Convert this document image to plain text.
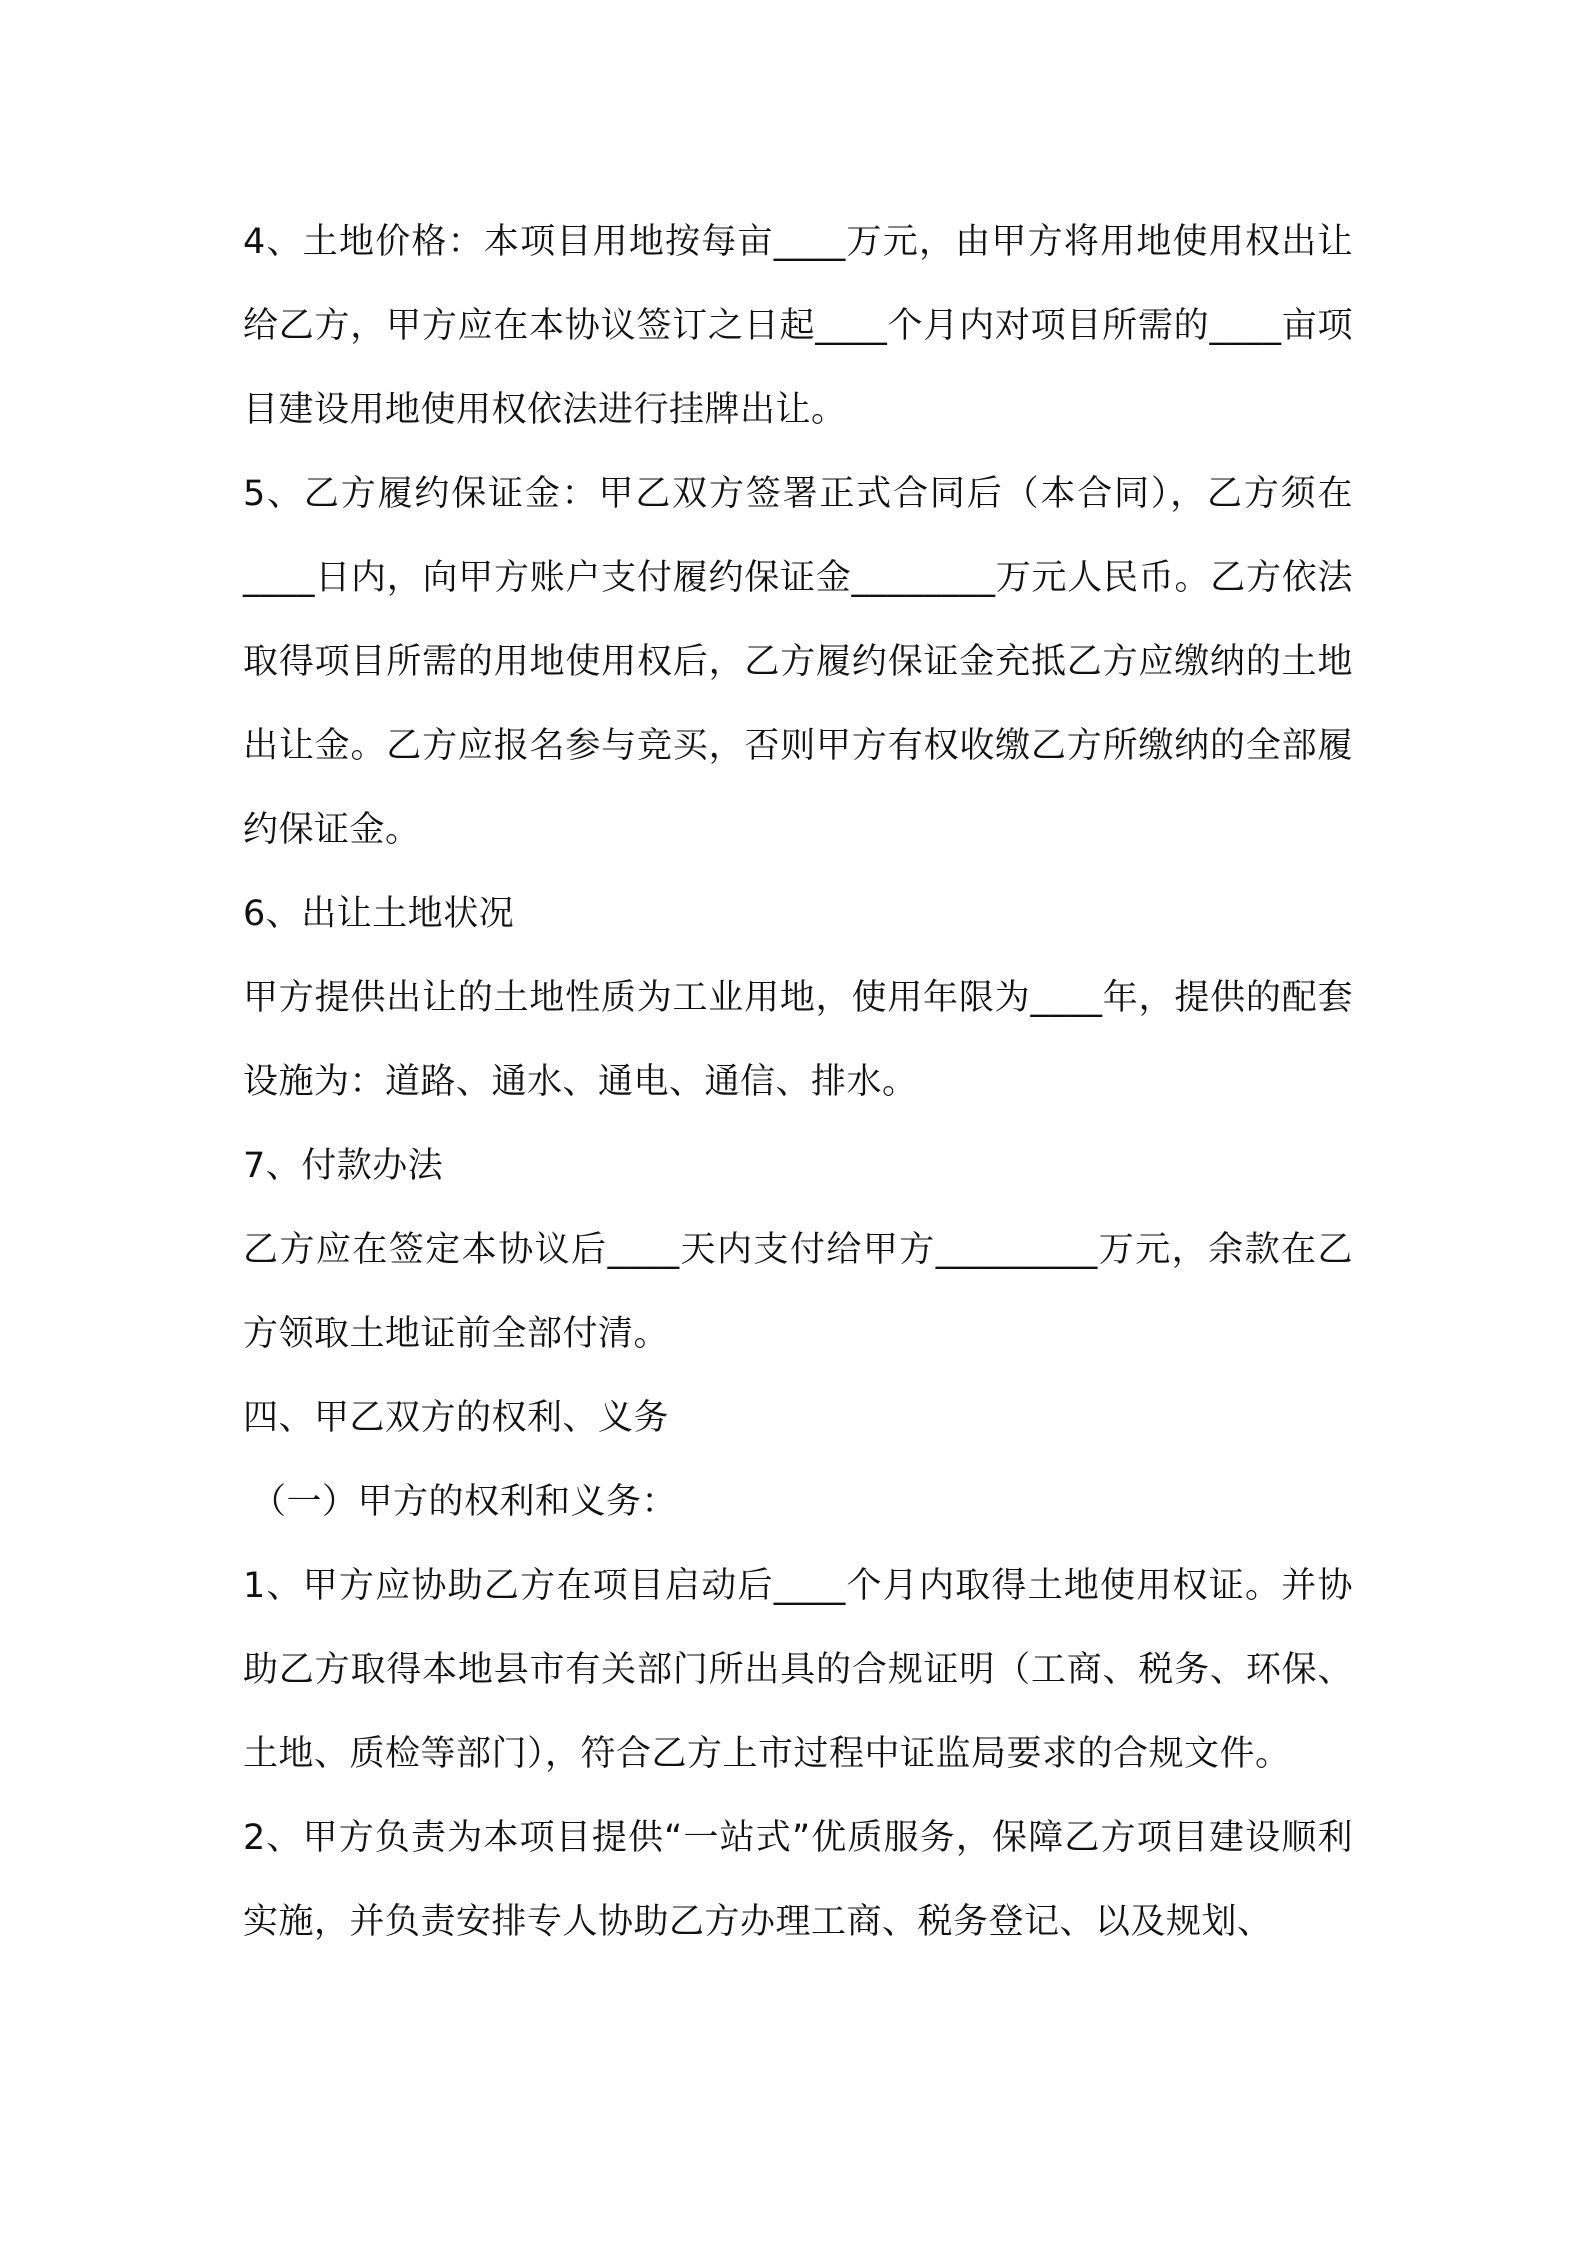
4、土地价格：本项目用地按每亩____万元，由甲方将用地使用权出让给乙方，甲方应在本协议签订之日起____个月内对项目所需的____亩项目建设用地使用权依法进行挂牌出让。

5、乙方履约保证金：甲乙双方签署正式合同后（本合同），乙方须在____日内，向甲方账户支付履约保证金________万元人民币。乙方依法取得项目所需的用地使用权后，乙方履约保证金充抵乙方应缴纳的土地出让金。乙方应报名参与竞买，否则甲方有权收缴乙方所缴纳的全部履约保证金。

6、出让土地状况

甲方提供出让的土地性质为工业用地，使用年限为____年，提供的配套设施为：道路、通水、通电、通信、排水。

7、付款办法

乙方应在签定本协议后____天内支付给甲方_________万元，余款在乙方领取土地证前全部付清。

四、甲乙双方的权利、义务

（一）甲方的权利和义务：

1、甲方应协助乙方在项目启动后____个月内取得土地使用权证。并协助乙方取得本地县市有关部门所出具的合规证明（工商、税务、环保、土地、质检等部门），符合乙方上市过程中证监局要求的合规文件。

2、甲方负责为本项目提供“一站式”优质服务，保障乙方项目建设顺利实施，并负责安排专人协助乙方办理工商、税务登记、以及规划、
